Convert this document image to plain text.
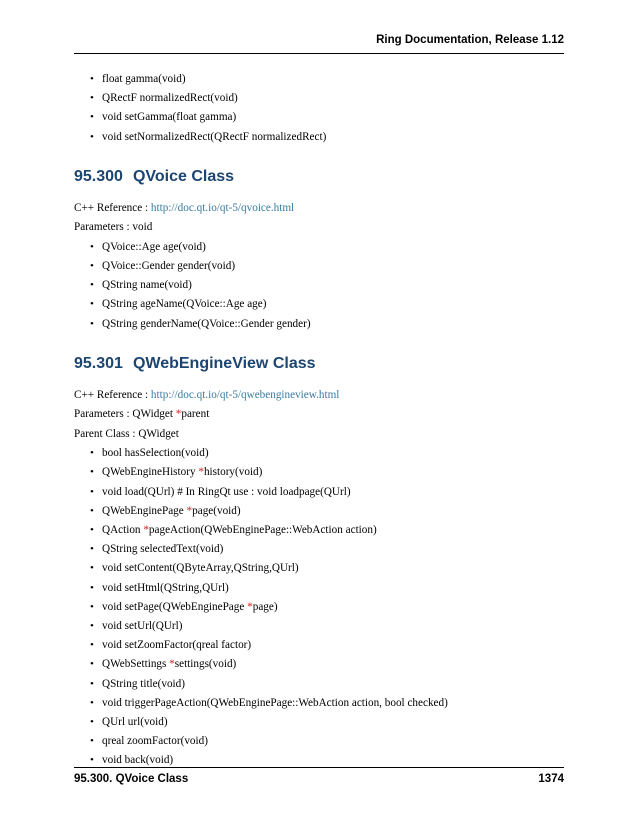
Ring Documentation, Release 1.12
• float gamma(void)
• QRectF normalizedRect(void)
• void setGamma(float gamma)
• void setNormalizedRect(QRectF normalizedRect)
95.300 QVoice Class
C++ Reference : http://doc.qt.io/qt-5/qvoice.html
Parameters : void
• QVoice::Age age(void)
• QVoice::Gender gender(void)
• QString name(void)
• QString ageName(QVoice::Age age)
• QString genderName(QVoice::Gender gender)
95.301 QWebEngineView Class
C++ Reference : http://doc.qt.io/qt-5/qwebengineview.html
Parameters : QWidget *parent
Parent Class : QWidget
• bool hasSelection(void)
• QWebEngineHistory *history(void)
• void load(QUrl) # In RingQt use : void loadpage(QUrl)
• QWebEnginePage *page(void)
• QAction *pageAction(QWebEnginePage::WebAction action)
• QString selectedText(void)
• void setContent(QByteArray,QString,QUrl)
• void setHtml(QString,QUrl)
• void setPage(QWebEnginePage *page)
• void setUrl(QUrl)
• void setZoomFactor(qreal factor)
• QWebSettings *settings(void)
• QString title(void)
• void triggerPageAction(QWebEnginePage::WebAction action, bool checked)
• QUrl url(void)
• qreal zoomFactor(void)
• void back(void)
95.300. QVoice Class	1374
